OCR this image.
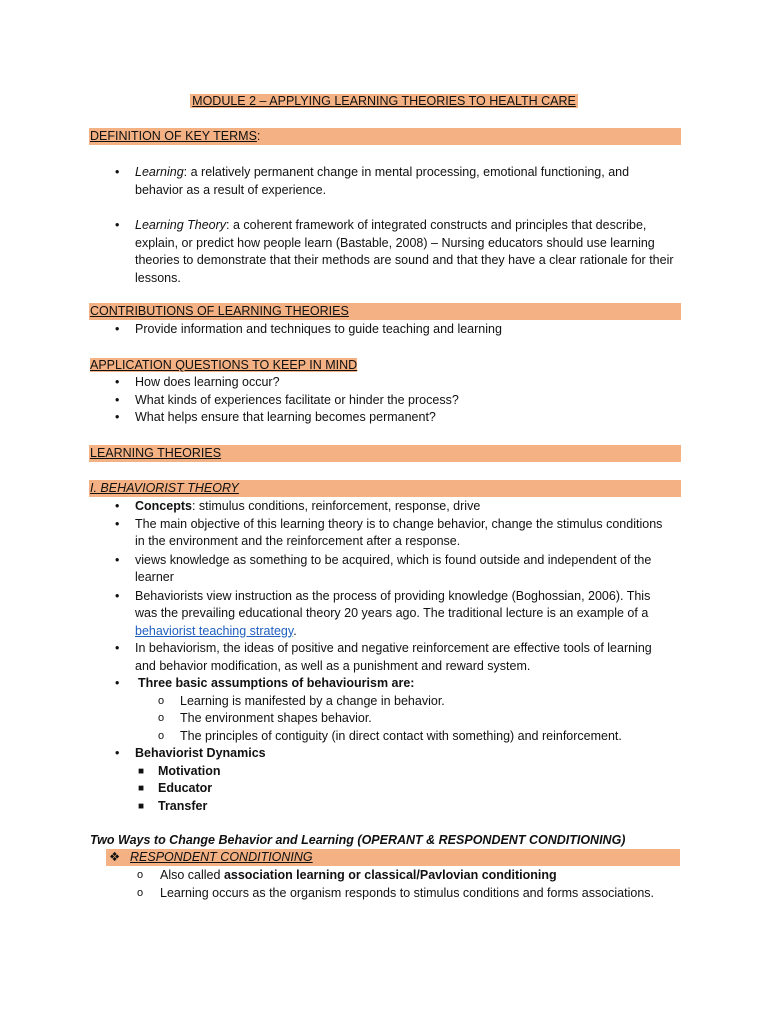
MODULE 2 – APPLYING LEARNING THEORIES TO HEALTH CARE
DEFINITION OF KEY TERMS:
• Learning: a relatively permanent change in mental processing, emotional functioning, and behavior as a result of experience.
• Learning Theory: a coherent framework of integrated constructs and principles that describe, explain, or predict how people learn (Bastable, 2008) – Nursing educators should use learning theories to demonstrate that their methods are sound and that they have a clear rationale for their lessons.
CONTRIBUTIONS OF LEARNING THEORIES
• Provide information and techniques to guide teaching and learning
APPLICATION QUESTIONS TO KEEP IN MIND
• How does learning occur?
• What kinds of experiences facilitate or hinder the process?
• What helps ensure that learning becomes permanent?
LEARNING THEORIES
I. BEHAVIORIST THEORY
• Concepts: stimulus conditions, reinforcement, response, drive
• The main objective of this learning theory is to change behavior, change the stimulus conditions in the environment and the reinforcement after a response.
• views knowledge as something to be acquired, which is found outside and independent of the learner
• Behaviorists view instruction as the process of providing knowledge (Boghossian, 2006). This was the prevailing educational theory 20 years ago. The traditional lecture is an example of a behaviorist teaching strategy.
• In behaviorism, the ideas of positive and negative reinforcement are effective tools of learning and behavior modification, as well as a punishment and reward system.
• Three basic assumptions of behaviourism are:
o Learning is manifested by a change in behavior.
o The environment shapes behavior.
o The principles of contiguity (in direct contact with something) and reinforcement.
• Behaviorist Dynamics
■ Motivation
■ Educator
■ Transfer
Two Ways to Change Behavior and Learning (OPERANT & RESPONDENT CONDITIONING)
❖ RESPONDENT CONDITIONING
o Also called association learning or classical/Pavlovian conditioning
o Learning occurs as the organism responds to stimulus conditions and forms associations.
